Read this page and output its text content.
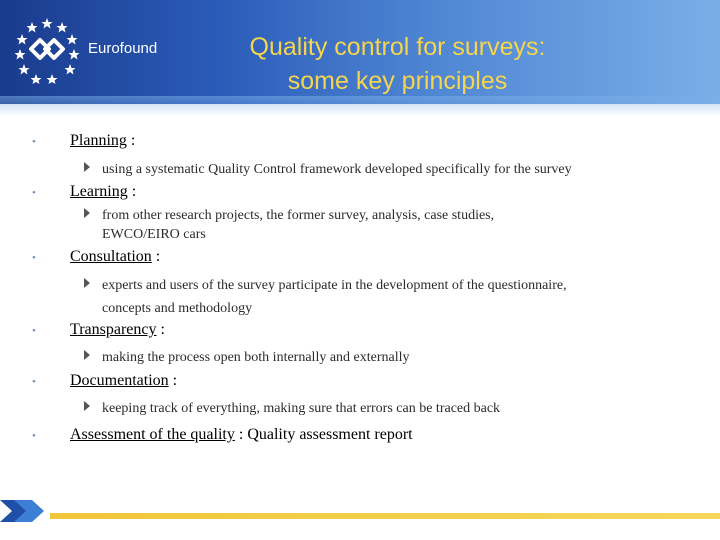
Eurofound	Quality control for surveys:
some key principles
• Planning :
using a systematic Quality Control framework developed specifically for the survey
• Learning :
from other research projects, the former survey, analysis, case studies,
EWCO/EIRO cars
• Consultation :
experts and users of the survey participate in the development of the questionnaire,
concepts and methodology
• Transparency :
making the process open both internally and externally
• Documentation :
keeping track of everything, making sure that errors can be traced back
• Assessment of the quality : Quality assessment report
